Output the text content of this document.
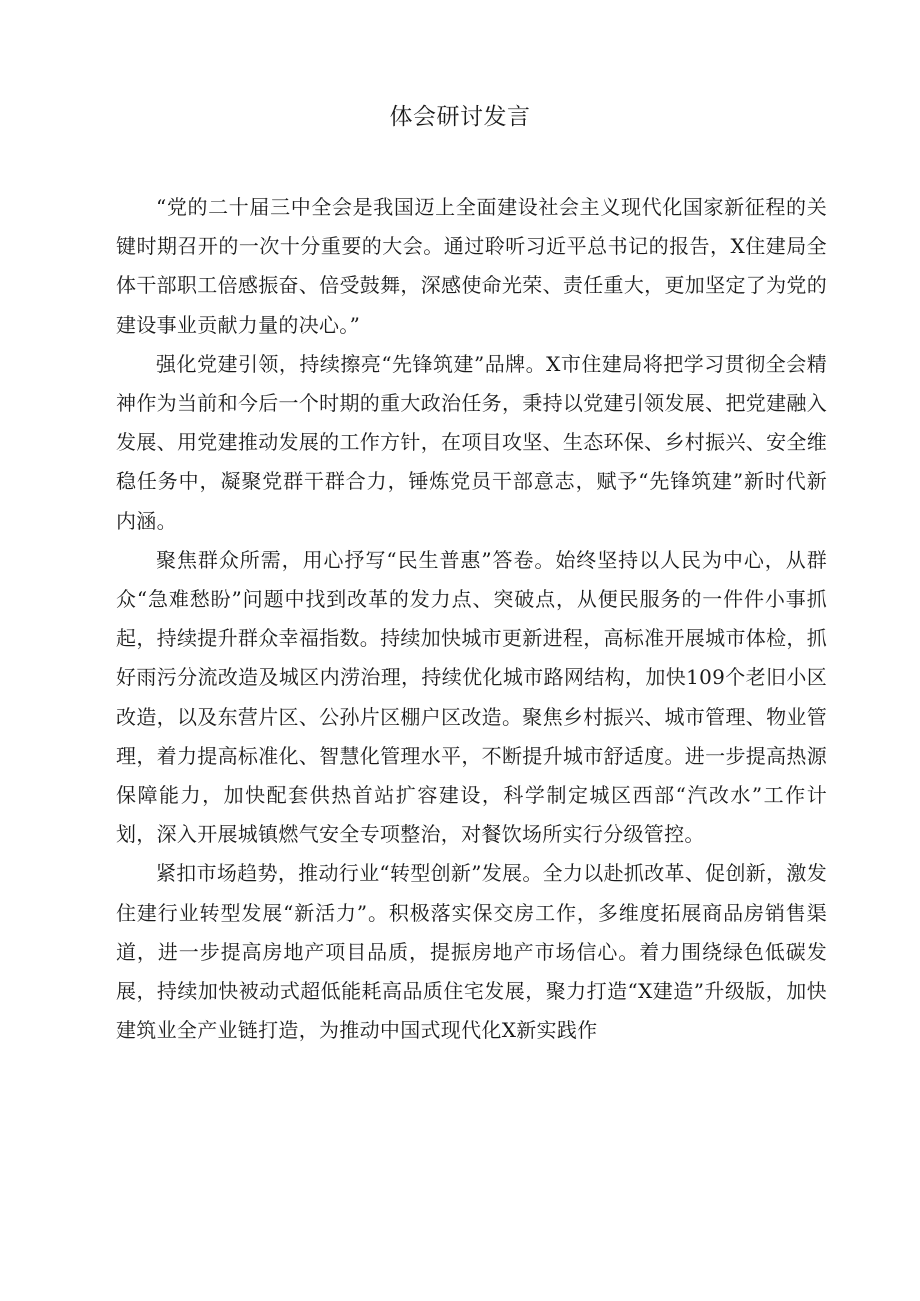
体会研讨发言

“党的二十届三中全会是我国迈上全面建设社会主义现代化国家新征程的关键时期召开的一次十分重要的大会。通过聆听习近平总书记的报告，X住建局全体干部职工倍感振奋、倍受鼓舞，深感使命光荣、责任重大，更加坚定了为党的建设事业贡献力量的决心。”

强化党建引领，持续擦亮“先锋筑建”品牌。X市住建局将把学习贯彻全会精神作为当前和今后一个时期的重大政治任务，秉持以党建引领发展、把党建融入发展、用党建推动发展的工作方针，在项目攻坚、生态环保、乡村振兴、安全维稳任务中，凝聚党群干群合力，锤炼党员干部意志，赋予“先锋筑建”新时代新内涵。

聚焦群众所需，用心抒写“民生普惠”答卷。始终坚持以人民为中心，从群众“急难愁盼”问题中找到改革的发力点、突破点，从便民服务的一件件小事抓起，持续提升群众幸福指数。持续加快城市更新进程，高标准开展城市体检，抓好雨污分流改造及城区内涝治理，持续优化城市路网结构，加快109个老旧小区改造，以及东营片区、公孙片区棚户区改造。聚焦乡村振兴、城市管理、物业管理，着力提高标准化、智慧化管理水平，不断提升城市舒适度。进一步提高热源保障能力，加快配套供热首站扩容建设，科学制定城区西部“汽改水”工作计划，深入开展城镇燃气安全专项整治，对餐饮场所实行分级管控。

紧扣市场趋势，推动行业“转型创新”发展。全力以赴抓改革、促创新，激发住建行业转型发展“新活力”。积极落实保交房工作，多维度拓展商品房销售渠道，进一步提高房地产项目品质，提振房地产市场信心。着力围绕绿色低碳发展，持续加快被动式超低能耗高品质住宅发展，聚力打造“X建造”升级版，加快建筑业全产业链打造，为推动中国式现代化X新实践作
